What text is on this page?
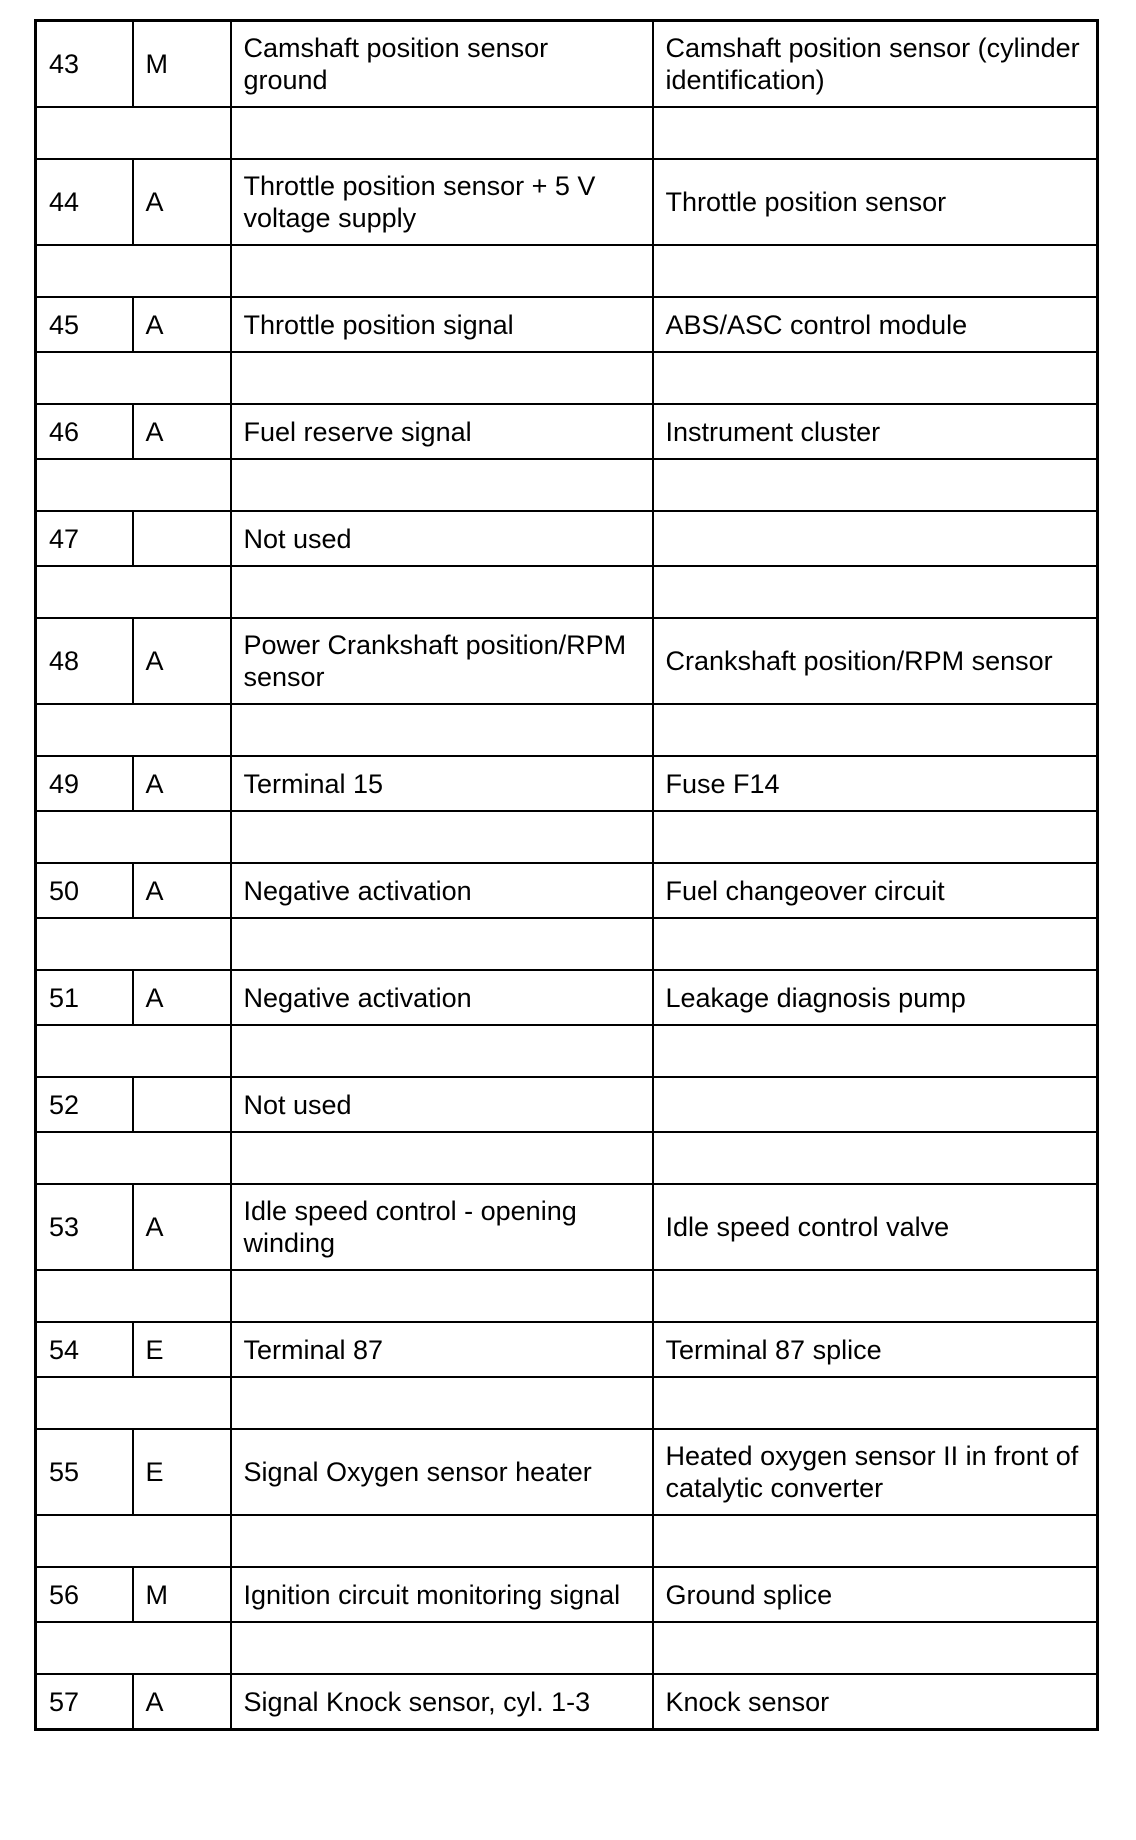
43	M	Camshaft position sensor ground	Camshaft position sensor (cylinder identification)

44	A	Throttle position sensor + 5 V voltage supply	Throttle position sensor

45	A	Throttle position signal	ABS/ASC control module

46	A	Fuel reserve signal	Instrument cluster

47		Not used	

48	A	Power Crankshaft position/RPM sensor	Crankshaft position/RPM sensor

49	A	Terminal 15	Fuse F14

50	A	Negative activation	Fuel changeover circuit

51	A	Negative activation	Leakage diagnosis pump

52		Not used	

53	A	Idle speed control - opening winding	Idle speed control valve

54	E	Terminal 87	Terminal 87 splice

55	E	Signal Oxygen sensor heater	Heated oxygen sensor II in front of catalytic converter

56	M	Ignition circuit monitoring signal	Ground splice

57	A	Signal Knock sensor, cyl. 1-3	Knock sensor
